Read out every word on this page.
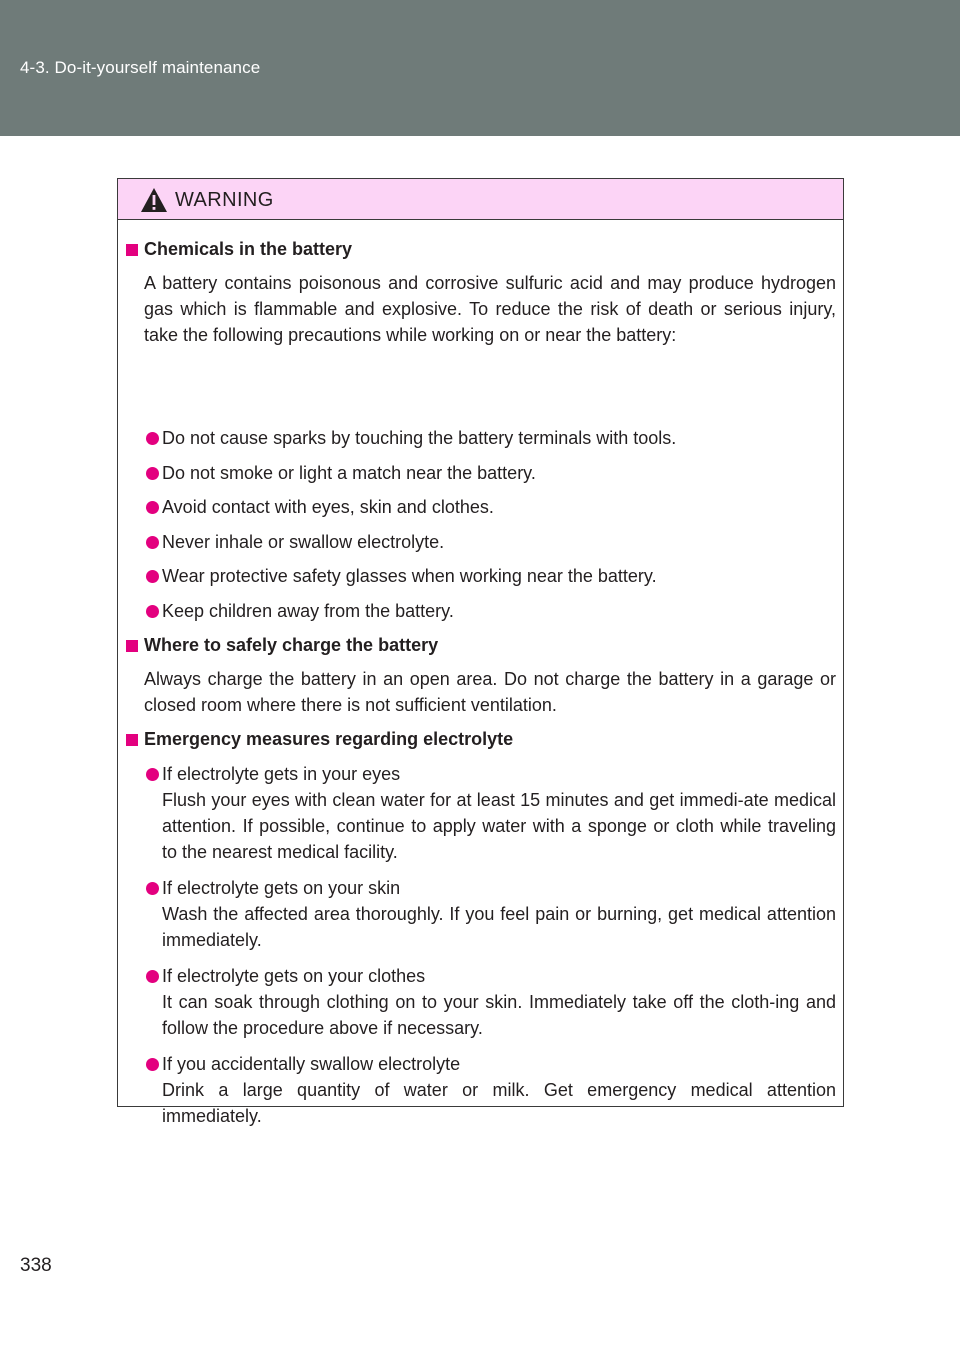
4-3. Do-it-yourself maintenance
WARNING
Chemicals in the battery
A battery contains poisonous and corrosive sulfuric acid and may produce hydrogen gas which is flammable and explosive. To reduce the risk of death or serious injury, take the following precautions while working on or near the battery:
Do not cause sparks by touching the battery terminals with tools.
Do not smoke or light a match near the battery.
Avoid contact with eyes, skin and clothes.
Never inhale or swallow electrolyte.
Wear protective safety glasses when working near the battery.
Keep children away from the battery.
Where to safely charge the battery
Always charge the battery in an open area. Do not charge the battery in a garage or closed room where there is not sufficient ventilation.
Emergency measures regarding electrolyte
If electrolyte gets in your eyes
Flush your eyes with clean water for at least 15 minutes and get immedi-ate medical attention. If possible, continue to apply water with a sponge or cloth while traveling to the nearest medical facility.
If electrolyte gets on your skin
Wash the affected area thoroughly. If you feel pain or burning, get medical attention immediately.
If electrolyte gets on your clothes
It can soak through clothing on to your skin. Immediately take off the cloth-ing and follow the procedure above if necessary.
If you accidentally swallow electrolyte
Drink a large quantity of water or milk. Get emergency medical attention immediately.
338
